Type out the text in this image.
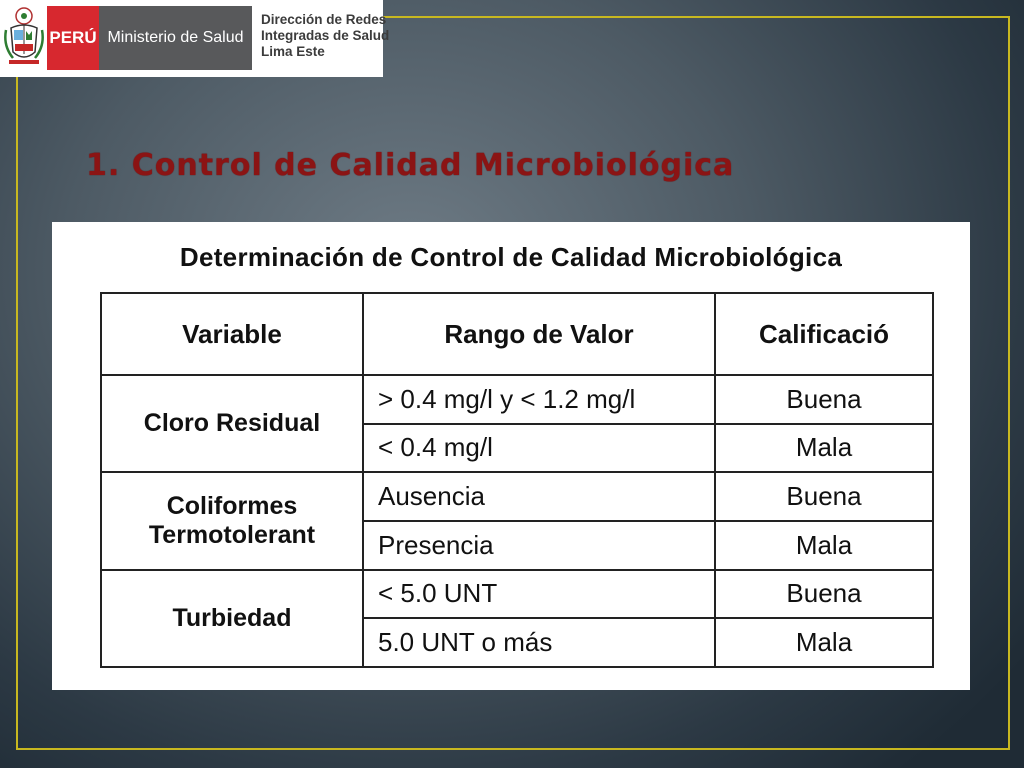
PERÚ Ministerio de Salud
Dirección de Redes
Integradas de Salud
Lima Este
1. Control de Calidad Microbiológica
Determinación de Control de Calidad Microbiológica
Variable	Rango de Valor	Calificació
Cloro Residual	> 0.4 mg/l y < 1.2 mg/l	Buena
	< 0.4 mg/l	Mala

Coliformes
Termotolerant	Ausencia	Buena
	Presencia	Mala
Turbiedad	< 5.0 UNT	Buena
	5.0 UNT o más	Mala
